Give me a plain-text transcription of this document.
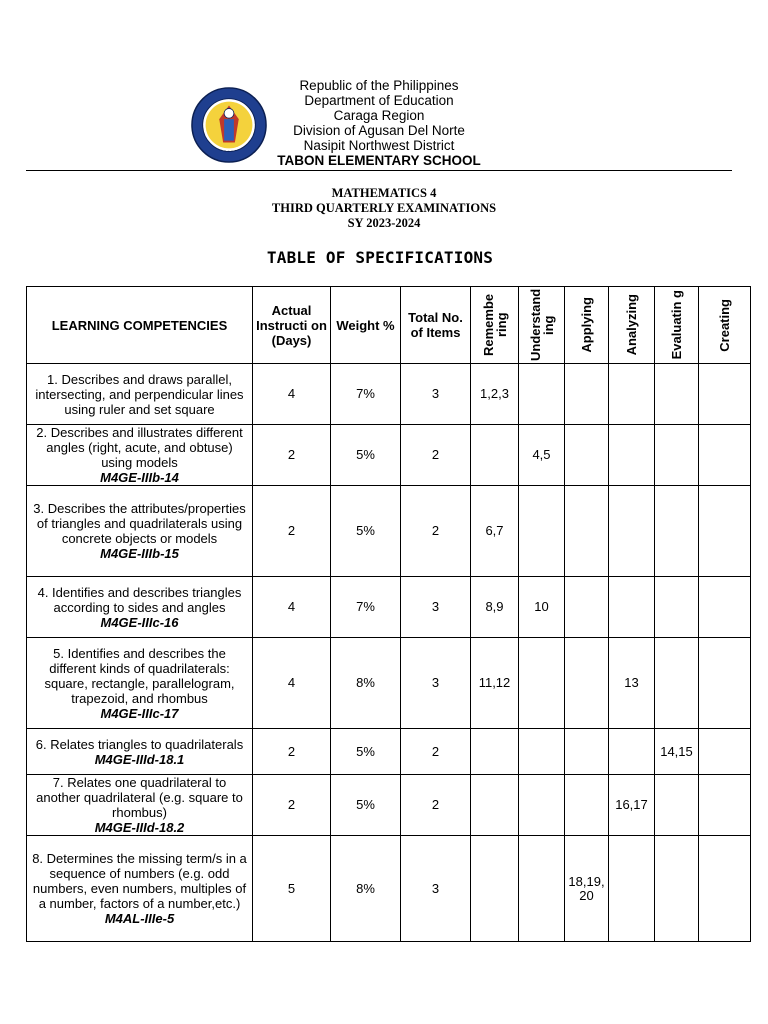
Republic of the Philippines
Department of Education
Caraga Region
Division of Agusan Del Norte
Nasipit Northwest District
TABON ELEMENTARY SCHOOL
MATHEMATICS 4
THIRD QUARTERLY EXAMINATIONS
SY 2023-2024
TABLE OF SPECIFICATIONS
LEARNING COMPETENCIES	Actual Instructi on (Days)	Weight %	Total No. of Items	Remembe ring	Understand ing	Applying	Analyzing	Evaluatin g	Creating

1. Describes and draws parallel, intersecting, and perpendicular lines using ruler and set square	4	7%	3	1,2,3					
2. Describes and illustrates different angles (right, acute, and obtuse) using models
M4GE-IIIb-14	2	5%	2		4,5				
3. Describes the attributes/properties of triangles and quadrilaterals using concrete objects or models
M4GE-IIIb-15	2	5%	2	6,7					
4. Identifies and describes triangles according to sides and angles
M4GE-IIIc-16	4	7%	3	8,9	10				
5. Identifies and describes the different kinds of quadrilaterals: square, rectangle, parallelogram, trapezoid, and rhombus
M4GE-IIIc-17	4	8%	3	11,12			13		
6. Relates triangles to quadrilaterals
M4GE-IIId-18.1	2	5%	2					14,15	
7. Relates one quadrilateral to another quadrilateral (e.g. square to rhombus)
M4GE-IIId-18.2	2	5%	2				16,17		
8. Determines the missing term/s in a sequence of numbers (e.g. odd numbers, even numbers, multiples of a number, factors of a number,etc.)
M4AL-IIIe-5	5	8%	3			18,19, 20			
